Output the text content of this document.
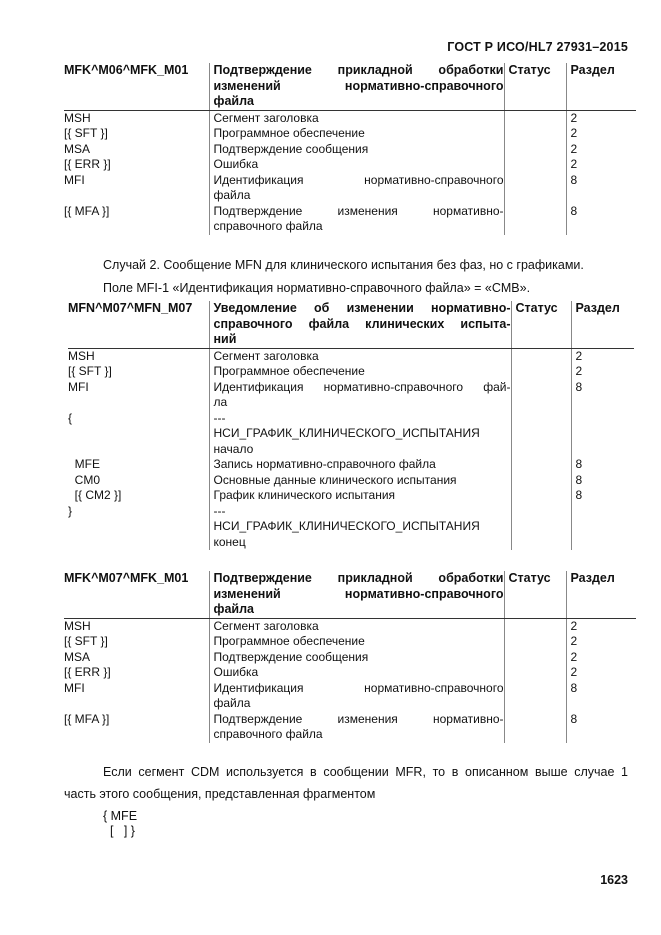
ГОСТ Р ИСО/HL7 27931–2015
MFK^M06^MFK_M01	Подтверждение прикладной обработки
изменений нормативно-справочного
файла	Статус	Раздел
MSH	Сегмент заголовка		2
[{ SFT }]	Программное обеспечение		2
MSA	Подтверждение сообщения		2
[{ ERR }]	Ошибка		2
MFI	Идентификация нормативно-справочного
файла		8
[{ MFA }]	Подтверждение изменения нормативно-
справочного файла		8
Случай 2. Сообщение MFN для клинического испытания без фаз, но с графиками.
Поле MFI-1 «Идентификация нормативно-справочного файла» = «CMB».
MFN^M07^MFN_M07	Уведомление об изменении нормативно-
справочного файла клинических испыта-
ний	Статус	Раздел
MSH	Сегмент заголовка		2
[{ SFT }]	Программное обеспечение		2
MFI	Идентификация нормативно-справочного фай-
ла		8
{	---
НСИ_ГРАФИК_КЛИНИЧЕСКОГО_ИСПЫТАНИЯ
начало		

MFE	Запись нормативно-справочного файла		8
CM0	Основные данные клинического испытания		8
[{ CM2 }]	График клинического испытания		8
}	---
НСИ_ГРАФИК_КЛИНИЧЕСКОГО_ИСПЫТАНИЯ
конец		

MFK^M07^MFK_M01	Подтверждение прикладной обработки
изменений нормативно-справочного
файла	Статус	Раздел
MSH	Сегмент заголовка		2
[{ SFT }]	Программное обеспечение		2
MSA	Подтверждение сообщения		2
[{ ERR }]	Ошибка		2
MFI	Идентификация нормативно-справочного
файла		8
[{ MFA }]	Подтверждение изменения нормативно-
справочного файла		8
Если сегмент CDM используется в сообщении MFR, то в описанном выше случае 1
часть этого сообщения, представленная фрагментом
{ MFE
[   ] }
1623
